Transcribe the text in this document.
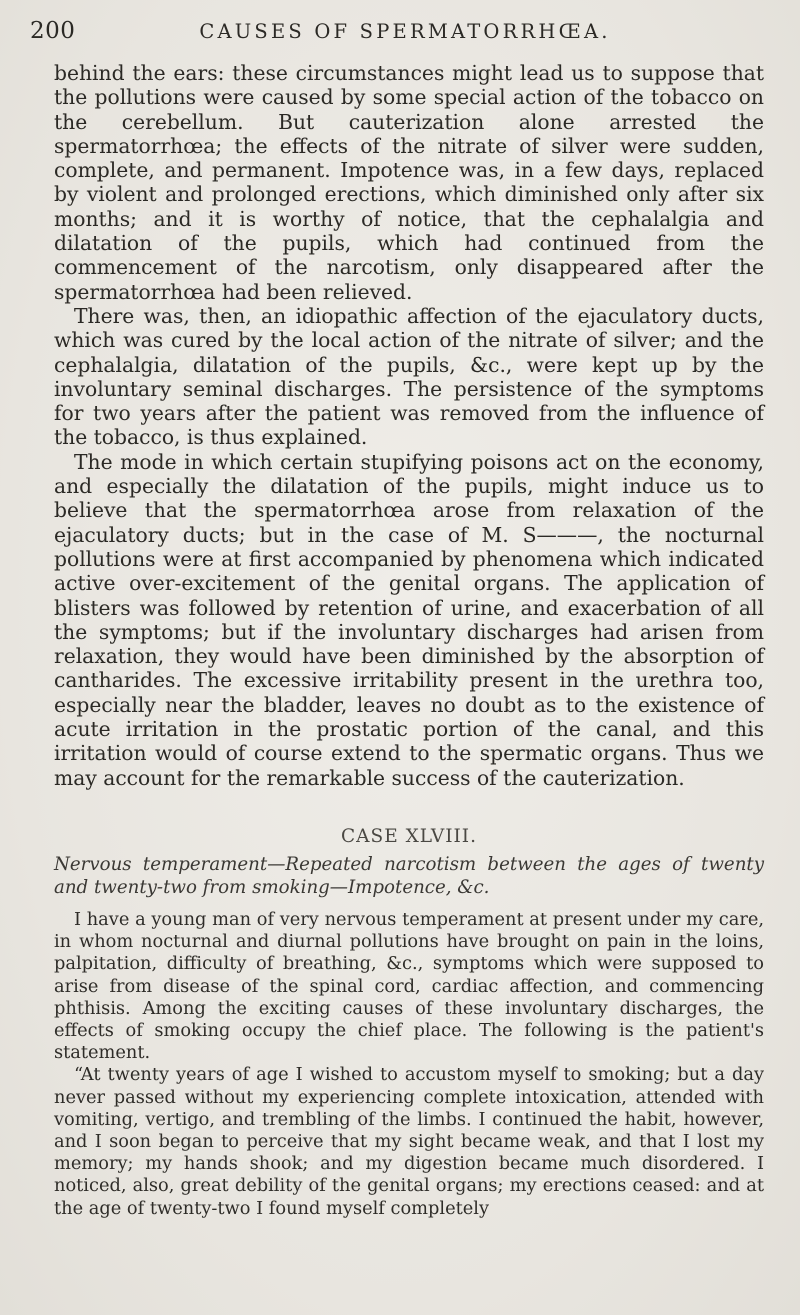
200	CAUSES OF SPERMATORRHŒA.

behind the ears: these circumstances might lead us to suppose that the pollutions were caused by some special action of the tobacco on the cerebellum. But cauterization alone arrested the spermatorrhœa; the effects of the nitrate of silver were sudden, complete, and permanent. Impotence was, in a few days, replaced by violent and prolonged erections, which diminished only after six months; and it is worthy of notice, that the cephalalgia and dilatation of the pupils, which had continued from the commencement of the narcotism, only disappeared after the spermatorrhœa had been relieved.

There was, then, an idiopathic affection of the ejaculatory ducts, which was cured by the local action of the nitrate of silver; and the cephalalgia, dilatation of the pupils, &c., were kept up by the involuntary seminal discharges. The persistence of the symptoms for two years after the patient was removed from the influence of the tobacco, is thus explained.

The mode in which certain stupifying poisons act on the economy, and especially the dilatation of the pupils, might induce us to believe that the spermatorrhœa arose from relaxation of the ejaculatory ducts; but in the case of M. S———, the nocturnal pollutions were at first accompanied by phenomena which indicated active over-excitement of the genital organs. The application of blisters was followed by retention of urine, and exacerbation of all the symptoms; but if the involuntary discharges had arisen from relaxation, they would have been diminished by the absorption of cantharides. The excessive irritability present in the urethra too, especially near the bladder, leaves no doubt as to the existence of acute irritation in the prostatic portion of the canal, and this irritation would of course extend to the spermatic organs. Thus we may account for the remarkable success of the cauterization.

CASE XLVIII.

Nervous temperament—Repeated narcotism between the ages of twenty and twenty-two from smoking—Impotence, &c.

I have a young man of very nervous temperament at present under my care, in whom nocturnal and diurnal pollutions have brought on pain in the loins, palpitation, difficulty of breathing, &c., symptoms which were supposed to arise from disease of the spinal cord, cardiac affection, and commencing phthisis. Among the exciting causes of these involuntary discharges, the effects of smoking occupy the chief place. The following is the patient's statement.

“At twenty years of age I wished to accustom myself to smoking; but a day never passed without my experiencing complete intoxication, attended with vomiting, vertigo, and trembling of the limbs. I continued the habit, however, and I soon began to perceive that my sight became weak, and that I lost my memory; my hands shook; and my digestion became much disordered. I noticed, also, great debility of the genital organs; my erections ceased: and at the age of twenty-two I found myself completely
